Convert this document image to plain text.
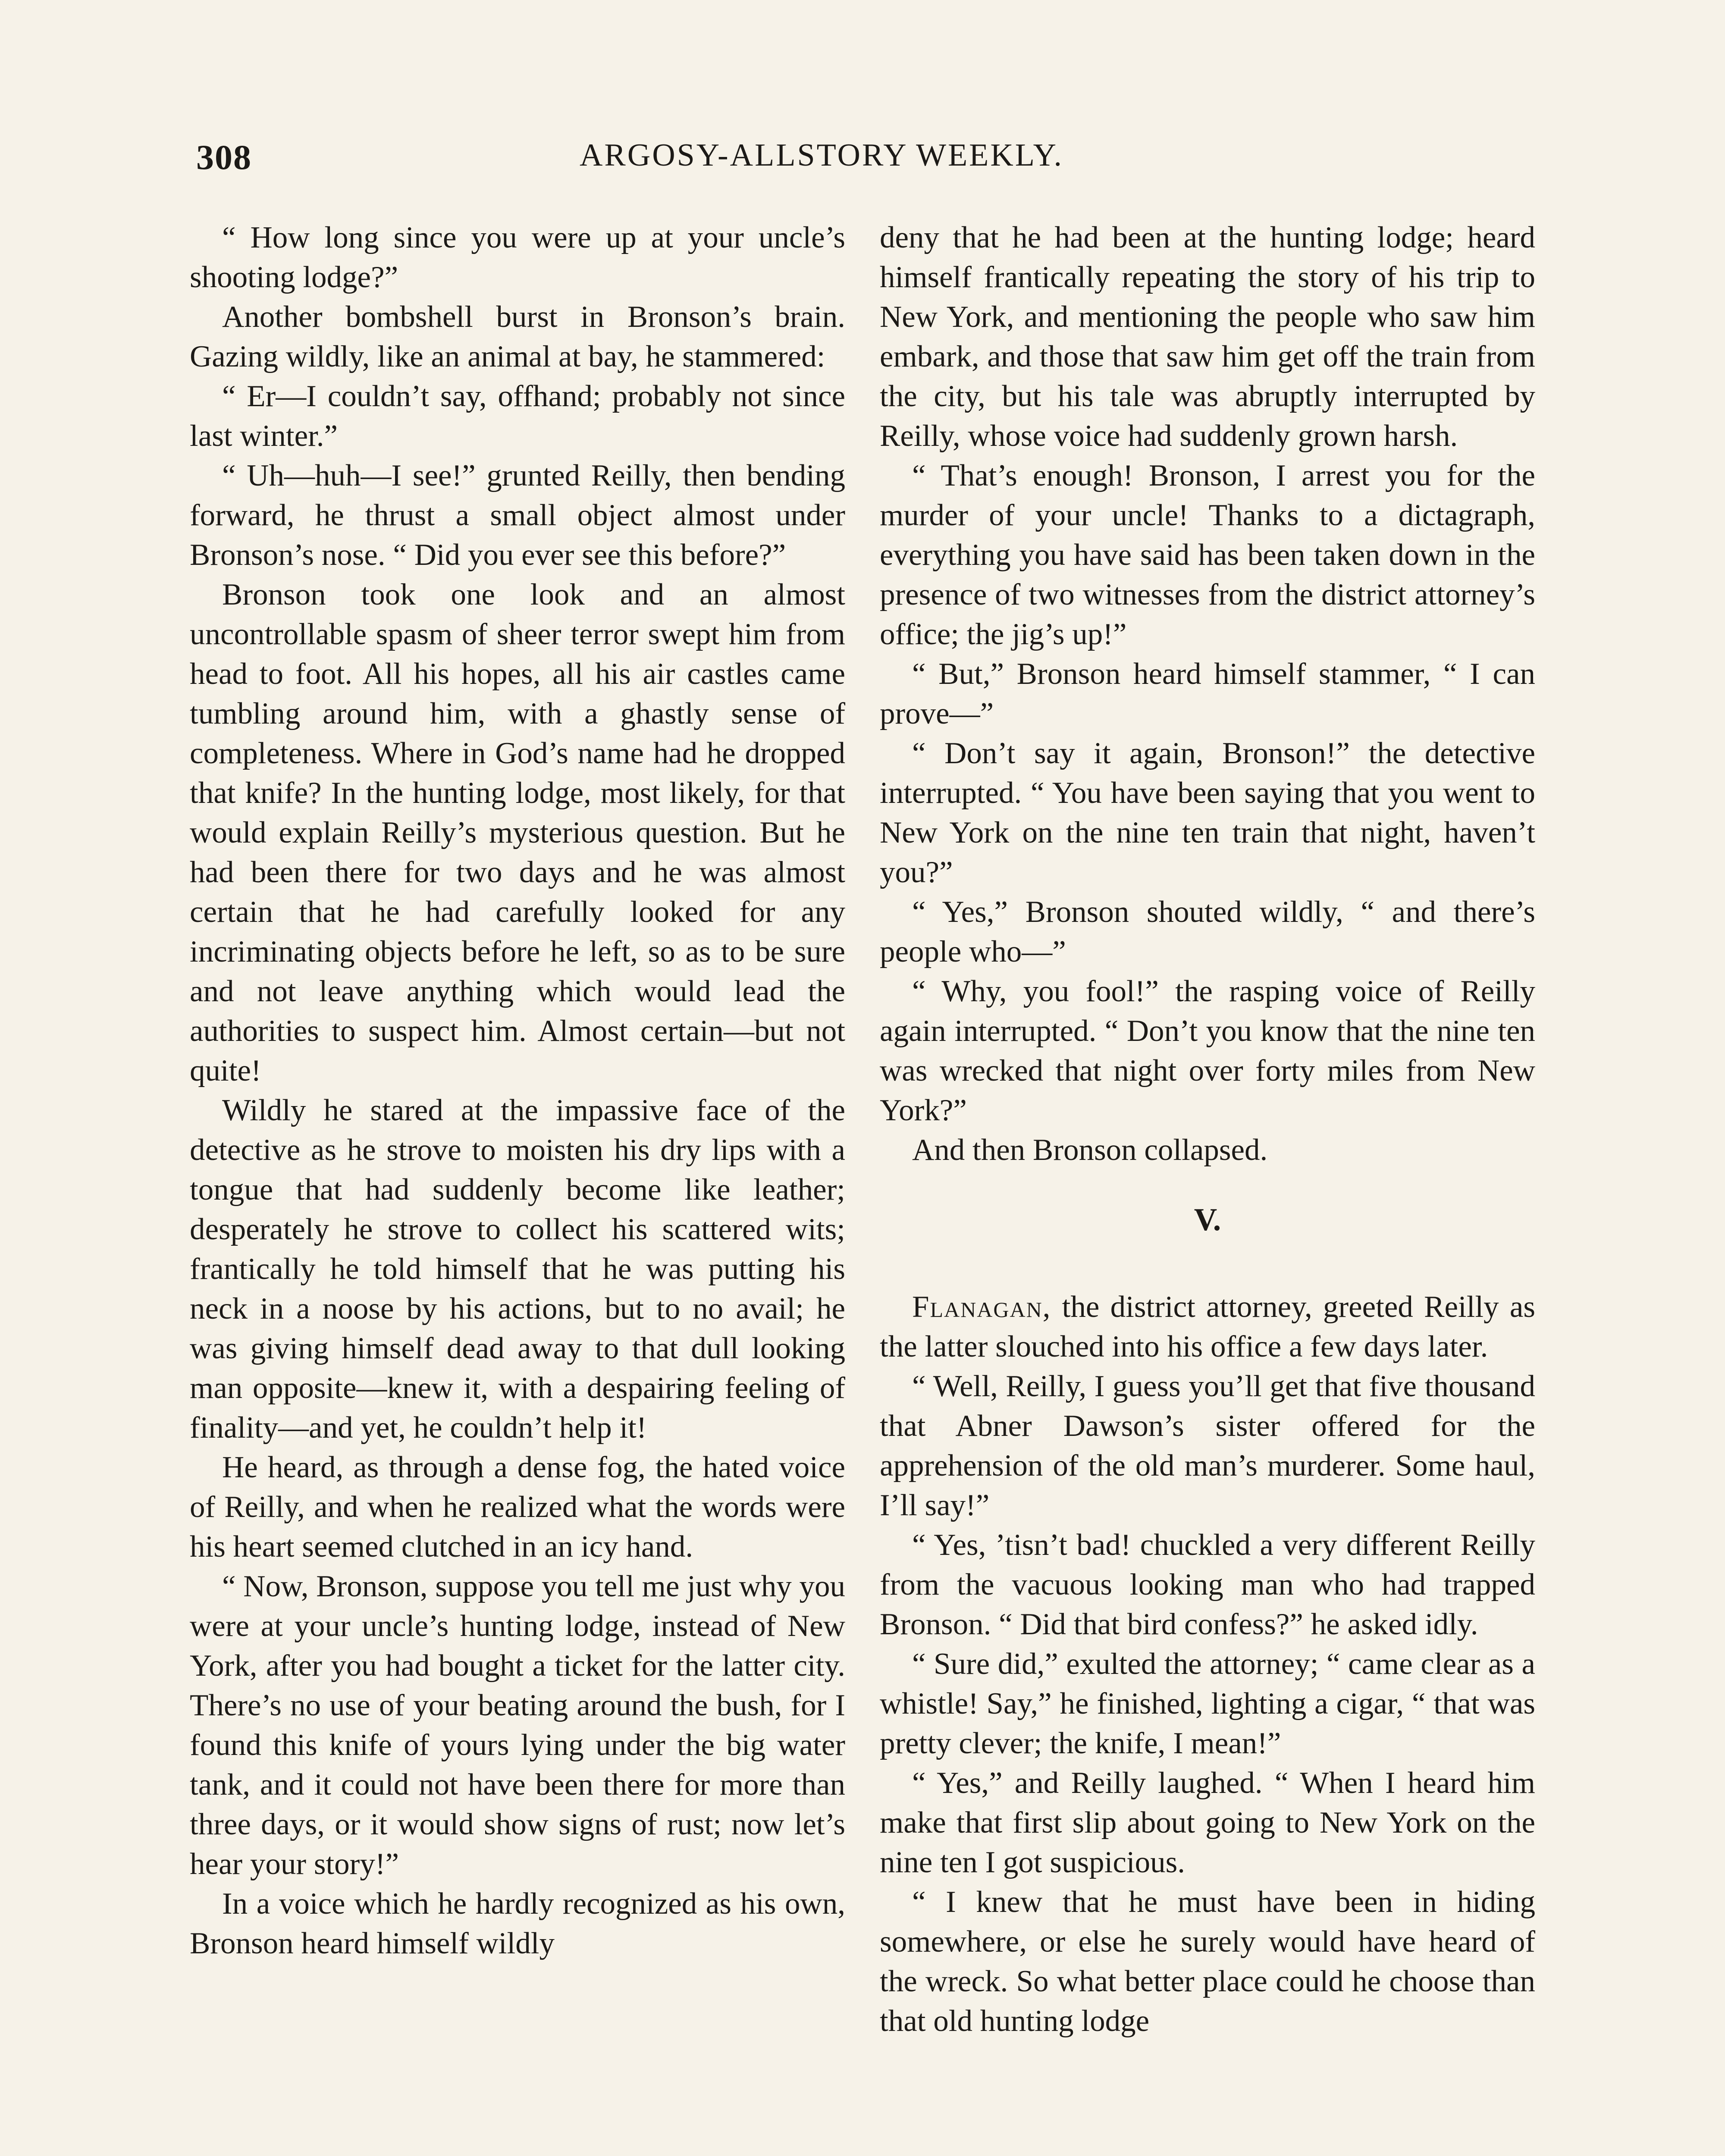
308	ARGOSY-ALLSTORY WEEKLY.

“ How long since you were up at your uncle’s shooting lodge?”

Another bombshell burst in Bronson’s brain. Gazing wildly, like an animal at bay, he stammered:

“ Er—I couldn’t say, offhand; probably not since last winter.”

“ Uh—huh—I see!” grunted Reilly, then bending forward, he thrust a small object almost under Bronson’s nose. “ Did you ever see this before?”

Bronson took one look and an almost uncontrollable spasm of sheer terror swept him from head to foot. All his hopes, all his air castles came tumbling around him, with a ghastly sense of completeness. Where in God’s name had he dropped that knife? In the hunting lodge, most likely, for that would explain Reilly’s mysterious question. But he had been there for two days and he was almost certain that he had carefully looked for any incriminating objects before he left, so as to be sure and not leave anything which would lead the authorities to suspect him. Almost certain—but not quite!

Wildly he stared at the impassive face of the detective as he strove to moisten his dry lips with a tongue that had suddenly become like leather; desperately he strove to collect his scattered wits; frantically he told himself that he was putting his neck in a noose by his actions, but to no avail; he was giving himself dead away to that dull looking man opposite—knew it, with a despairing feeling of finality—and yet, he couldn’t help it!

He heard, as through a dense fog, the hated voice of Reilly, and when he realized what the words were his heart seemed clutched in an icy hand.

“ Now, Bronson, suppose you tell me just why you were at your uncle’s hunting lodge, instead of New York, after you had bought a ticket for the latter city. There’s no use of your beating around the bush, for I found this knife of yours lying under the big water tank, and it could not have been there for more than three days, or it would show signs of rust; now let’s hear your story!”

In a voice which he hardly recognized as his own, Bronson heard himself wildly

deny that he had been at the hunting lodge; heard himself frantically repeating the story of his trip to New York, and mentioning the people who saw him embark, and those that saw him get off the train from the city, but his tale was abruptly interrupted by Reilly, whose voice had suddenly grown harsh.

“ That’s enough! Bronson, I arrest you for the murder of your uncle! Thanks to a dictagraph, everything you have said has been taken down in the presence of two witnesses from the district attorney’s office; the jig’s up!”

“ But,” Bronson heard himself stammer, “ I can prove—”

“ Don’t say it again, Bronson!” the detective interrupted. “ You have been saying that you went to New York on the nine ten train that night, haven’t you?”

“ Yes,” Bronson shouted wildly, “ and there’s people who—”

“ Why, you fool!” the rasping voice of Reilly again interrupted. “ Don’t you know that the nine ten was wrecked that night over forty miles from New York?”

And then Bronson collapsed.

V.

Flanagan, the district attorney, greeted Reilly as the latter slouched into his office a few days later.

“ Well, Reilly, I guess you’ll get that five thousand that Abner Dawson’s sister offered for the apprehension of the old man’s murderer. Some haul, I’ll say!”

“ Yes, ’tisn’t bad! chuckled a very different Reilly from the vacuous looking man who had trapped Bronson. “ Did that bird confess?” he asked idly.

“ Sure did,” exulted the attorney; “ came clear as a whistle! Say,” he finished, lighting a cigar, “ that was pretty clever; the knife, I mean!”

“ Yes,” and Reilly laughed. “ When I heard him make that first slip about going to New York on the nine ten I got suspicious.

“ I knew that he must have been in hiding somewhere, or else he surely would have heard of the wreck. So what better place could he choose than that old hunting lodge
